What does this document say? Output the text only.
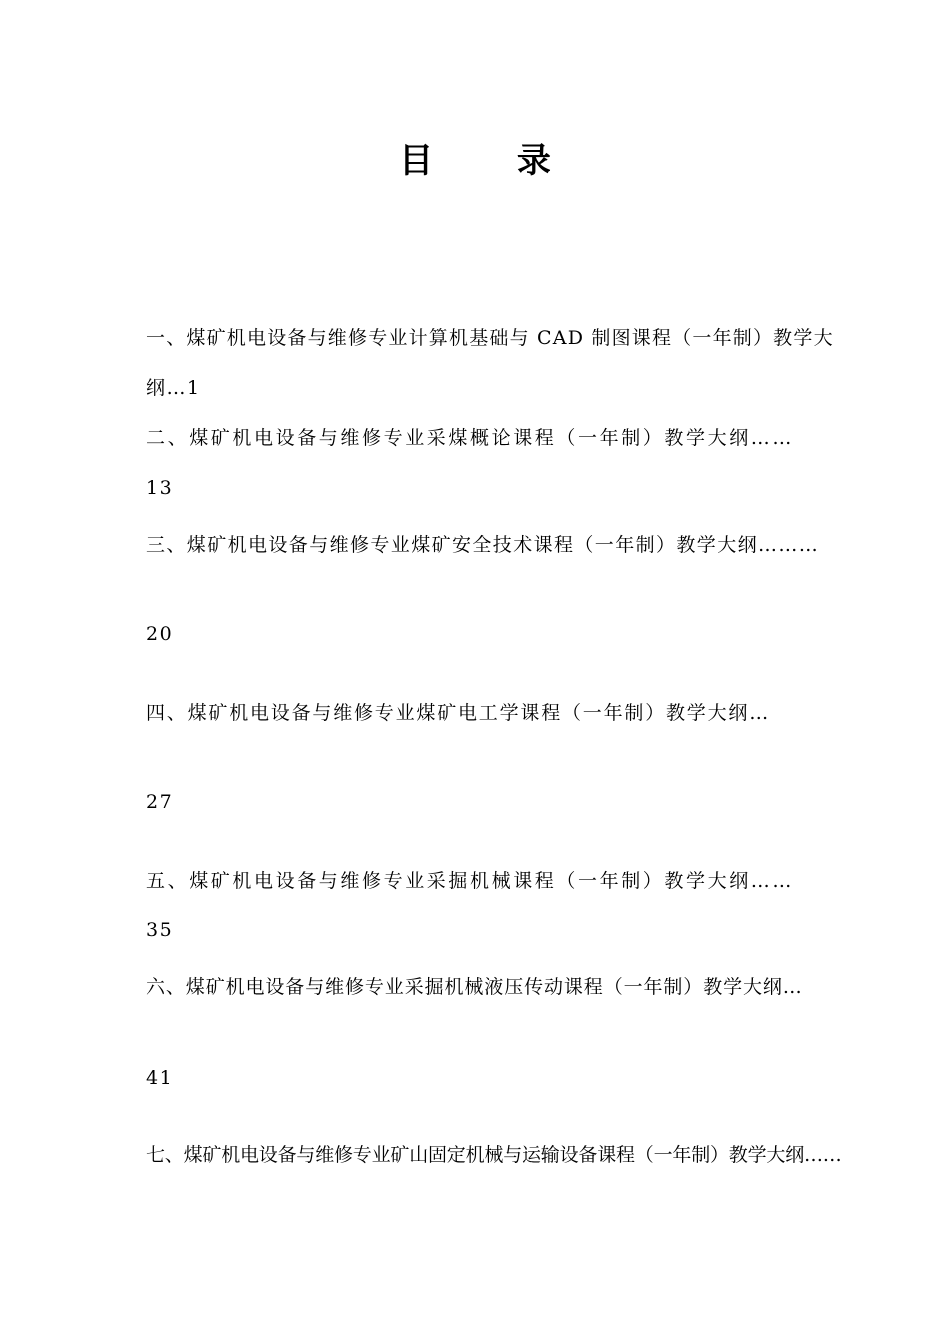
目 录
一、煤矿机电设备与维修专业计算机基础与 CAD 制图课程（一年制）教学大
纲…1
二、煤矿机电设备与维修专业采煤概论课程（一年制）教学大纲……
13
三、煤矿机电设备与维修专业煤矿安全技术课程（一年制）教学大纲………
20
四、煤矿机电设备与维修专业煤矿电工学课程（一年制）教学大纲…
27
五、煤矿机电设备与维修专业采掘机械课程（一年制）教学大纲……
35
六、煤矿机电设备与维修专业采掘机械液压传动课程（一年制）教学大纲…
41
七、煤矿机电设备与维修专业矿山固定机械与运输设备课程（一年制）教学大纲……
